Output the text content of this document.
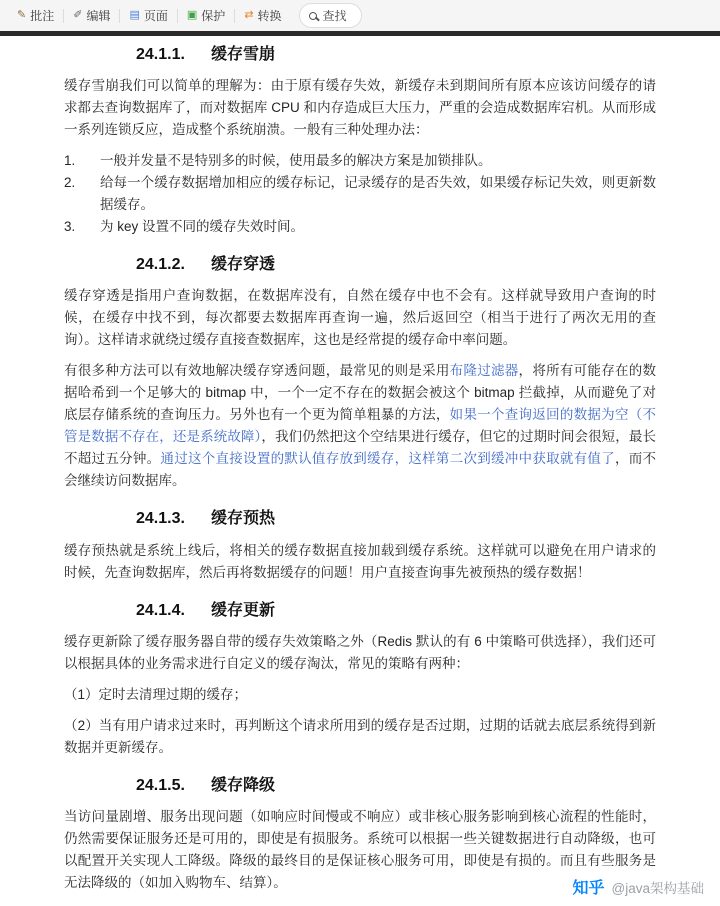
✎ 批注 ✐ 编辑 ▤ 页面 ▣ 保护 ⇄ 转换	查找
24.1.1. 缓存雪崩

缓存雪崩我们可以简单的理解为：由于原有缓存失效，新缓存未到期间所有原本应该访问缓存的请求都去查询数据库了，而对数据库 CPU 和内存造成巨大压力，严重的会造成数据库宕机。从而形成一系列连锁反应，造成整个系统崩溃。一般有三种处理办法：

1.	一般并发量不是特别多的时候，使用最多的解决方案是加锁排队。
2.	给每一个缓存数据增加相应的缓存标记，记录缓存的是否失效，如果缓存标记失效，则更新数据缓存。
3.	为 key 设置不同的缓存失效时间。
24.1.2. 缓存穿透

缓存穿透是指用户查询数据，在数据库没有，自然在缓存中也不会有。这样就导致用户查询的时候，在缓存中找不到，每次都要去数据库再查询一遍，然后返回空（相当于进行了两次无用的查询）。这样请求就绕过缓存直接查数据库，这也是经常提的缓存命中率问题。

有很多种方法可以有效地解决缓存穿透问题，最常见的则是采用布隆过滤器，将所有可能存在的数据哈希到一个足够大的 bitmap 中，一个一定不存在的数据会被这个 bitmap 拦截掉，从而避免了对底层存储系统的查询压力。另外也有一个更为简单粗暴的方法，如果一个查询返回的数据为空（不管是数据不存在，还是系统故障），我们仍然把这个空结果进行缓存，但它的过期时间会很短，最长不超过五分钟。通过这个直接设置的默认值存放到缓存，这样第二次到缓冲中获取就有值了，而不会继续访问数据库。

24.1.3. 缓存预热

缓存预热就是系统上线后，将相关的缓存数据直接加载到缓存系统。这样就可以避免在用户请求的时候，先查询数据库，然后再将数据缓存的问题！用户直接查询事先被预热的缓存数据！

24.1.4. 缓存更新

缓存更新除了缓存服务器自带的缓存失效策略之外（Redis 默认的有 6 中策略可供选择），我们还可以根据具体的业务需求进行自定义的缓存淘汰，常见的策略有两种：

（1）定时去清理过期的缓存；

（2）当有用户请求过来时，再判断这个请求所用到的缓存是否过期，过期的话就去底层系统得到新数据并更新缓存。

24.1.5. 缓存降级

当访问量剧增、服务出现问题（如响应时间慢或不响应）或非核心服务影响到核心流程的性能时，仍然需要保证服务还是可用的，即使是有损服务。系统可以根据一些关键数据进行自动降级，也可以配置开关实现人工降级。降级的最终目的是保证核心服务可用，即使是有损的。而且有些服务是无法降级的（如加入购物车、结算）。	知乎 @java架构基础
